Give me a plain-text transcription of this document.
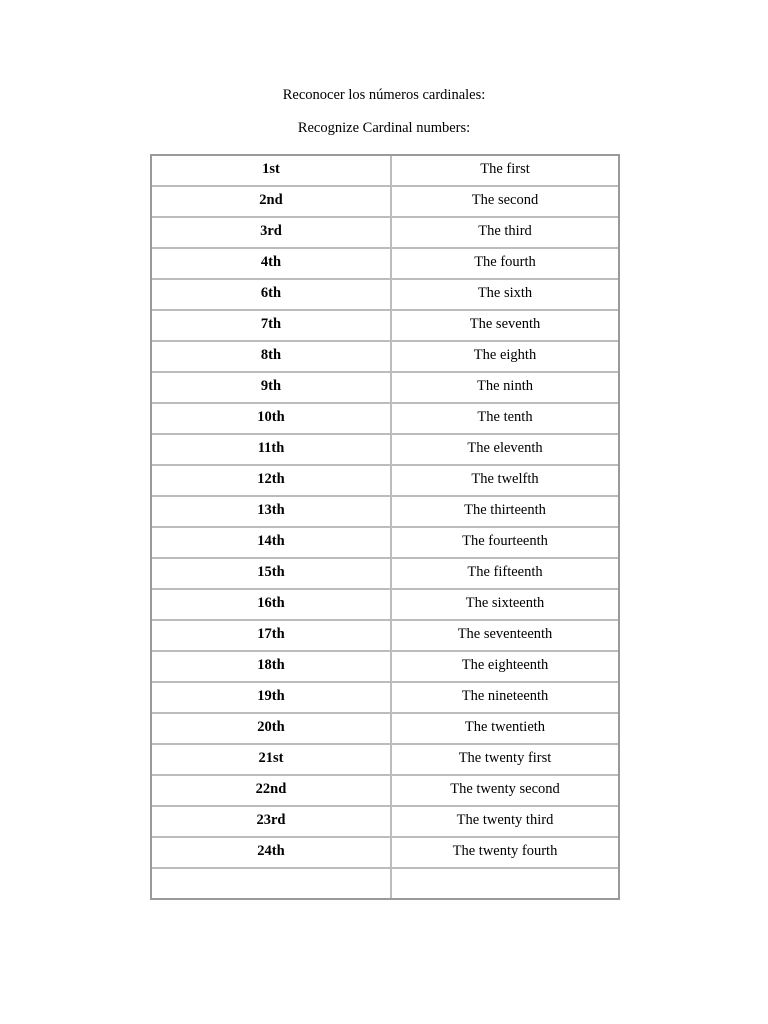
Reconocer los números cardinales:
Recognize Cardinal numbers:
1st	The first
2nd	The second
3rd	The third
4th	The fourth
6th	The sixth
7th	The seventh
8th	The eighth
9th	The ninth
10th	The tenth
11th	The eleventh
12th	The twelfth
13th	The thirteenth
14th	The fourteenth
15th	The fifteenth
16th	The sixteenth
17th	The seventeenth
18th	The eighteenth
19th	The nineteenth
20th	The twentieth
21st	The twenty first
22nd	The twenty second
23rd	The twenty third
24th	The twenty fourth
